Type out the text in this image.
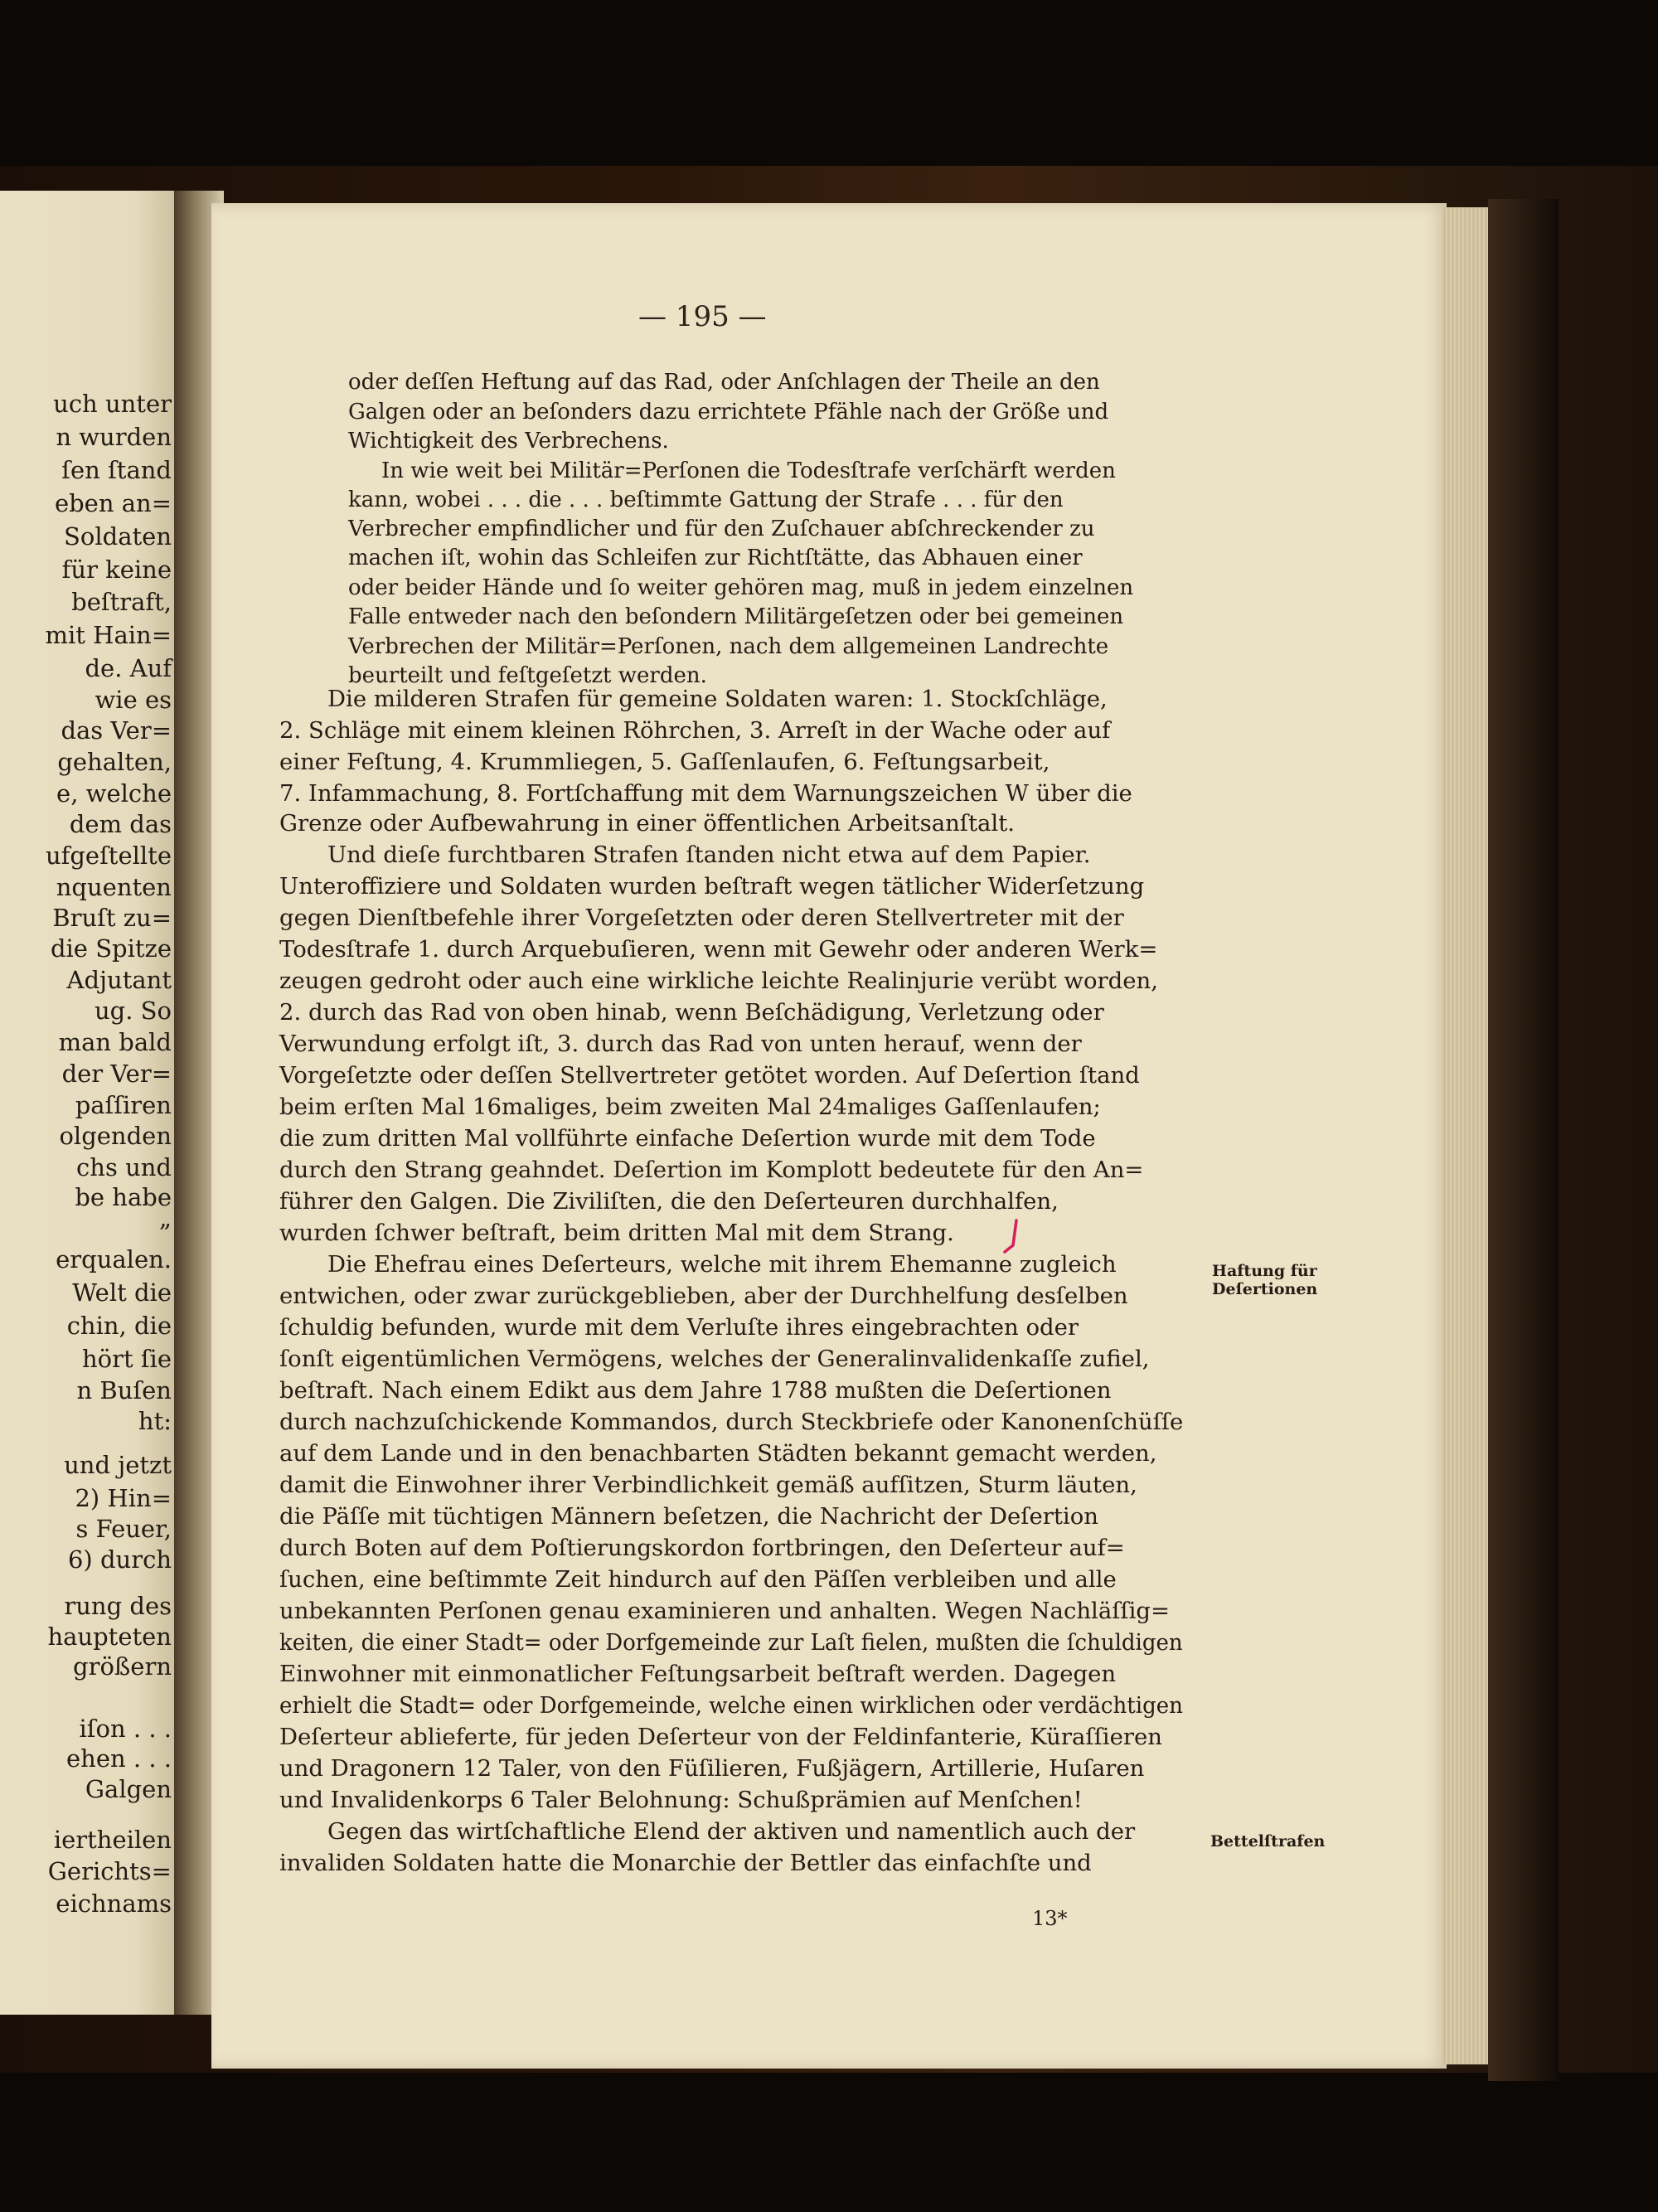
uch unter
n wurden
ſen ſtand
eben an=
Soldaten
für keine
beſtraft,
mit Hain=
de. Auf
wie es
das Ver=
gehalten,
e, welche
dem das
ufgeſtellte
nquenten
Bruſt zu=
die Spitze
Adjutant
ug. So
man bald
der Ver=
paſſiren
olgenden
chs und
be habe
„
erqualen.
Welt die
chin, die
hört ſie
n Buſen
ht:
und jetzt
2) Hin=
s Feuer,
6) durch
rung des
haupteten
größern
iſon . . .
ehen . . .
Galgen
iertheilen
Gerichts=
eichnams
— 195 —
oder deſſen Heftung auf das Rad, oder Anſchlagen der Theile an den
Galgen oder an beſonders dazu errichtete Pfähle nach der Größe und
Wichtigkeit des Verbrechens.
In wie weit bei Militär=Perſonen die Todesſtrafe verſchärft werden
kann, wobei . . . die . . . beſtimmte Gattung der Strafe . . . für den
Verbrecher empfindlicher und für den Zuſchauer abſchreckender zu
machen iſt, wohin das Schleifen zur Richtſtätte, das Abhauen einer
oder beider Hände und ſo weiter gehören mag, muß in jedem einzelnen
Falle entweder nach den beſondern Militärgeſetzen oder bei gemeinen
Verbrechen der Militär=Perſonen, nach dem allgemeinen Landrechte
beurteilt und feſtgeſetzt werden.
Die milderen Strafen für gemeine Soldaten waren: 1. Stockſchläge,
2. Schläge mit einem kleinen Röhrchen, 3. Arreſt in der Wache oder auf
einer Feſtung, 4. Krummliegen, 5. Gaſſenlaufen, 6. Feſtungsarbeit,
7. Infammachung, 8. Fortſchaffung mit dem Warnungszeichen W über die
Grenze oder Aufbewahrung in einer öffentlichen Arbeitsanſtalt.
Und dieſe furchtbaren Strafen ſtanden nicht etwa auf dem Papier.
Unteroffiziere und Soldaten wurden beſtraft wegen tätlicher Widerſetzung
gegen Dienſtbefehle ihrer Vorgeſetzten oder deren Stellvertreter mit der
Todesſtrafe 1. durch Arquebuſieren, wenn mit Gewehr oder anderen Werk=
zeugen gedroht oder auch eine wirkliche leichte Realinjurie verübt worden,
2. durch das Rad von oben hinab, wenn Beſchädigung, Verletzung oder
Verwundung erfolgt iſt, 3. durch das Rad von unten herauf, wenn der
Vorgeſetzte oder deſſen Stellvertreter getötet worden. Auf Deſertion ſtand
beim erſten Mal 16maliges, beim zweiten Mal 24maliges Gaſſenlaufen;
die zum dritten Mal vollführte einfache Deſertion wurde mit dem Tode
durch den Strang geahndet. Deſertion im Komplott bedeutete für den An=
führer den Galgen. Die Ziviliſten, die den Deſerteuren durchhalfen,
wurden ſchwer beſtraft, beim dritten Mal mit dem Strang.
Die Ehefrau eines Deſerteurs, welche mit ihrem Ehemanne zugleich
entwichen, oder zwar zurückgeblieben, aber der Durchhelfung desſelben
ſchuldig befunden, wurde mit dem Verluſte ihres eingebrachten oder
ſonſt eigentümlichen Vermögens, welches der Generalinvalidenkaſſe zufiel,
beſtraft. Nach einem Edikt aus dem Jahre 1788 mußten die Deſertionen
durch nachzuſchickende Kommandos, durch Steckbriefe oder Kanonenſchüſſe
auf dem Lande und in den benachbarten Städten bekannt gemacht werden,
damit die Einwohner ihrer Verbindlichkeit gemäß aufſitzen, Sturm läuten,
die Päſſe mit tüchtigen Männern beſetzen, die Nachricht der Deſertion
durch Boten auf dem Poſtierungskordon fortbringen, den Deſerteur auf=
ſuchen, eine beſtimmte Zeit hindurch auf den Päſſen verbleiben und alle
unbekannten Perſonen genau examinieren und anhalten. Wegen Nachläſſig=
keiten, die einer Stadt= oder Dorfgemeinde zur Laſt fielen, mußten die ſchuldigen
Einwohner mit einmonatlicher Feſtungsarbeit beſtraft werden. Dagegen
erhielt die Stadt= oder Dorfgemeinde, welche einen wirklichen oder verdächtigen
Deſerteur ablieferte, für jeden Deſerteur von der Feldinfanterie, Küraſſieren
und Dragonern 12 Taler, von den Füſilieren, Fußjägern, Artillerie, Huſaren
und Invalidenkorps 6 Taler Belohnung: Schußprämien auf Menſchen!
Gegen das wirtſchaftliche Elend der aktiven und namentlich auch der
invaliden Soldaten hatte die Monarchie der Bettler das einfachſte und
Haftung für
Deſertionen
Bettelſtrafen
13*
